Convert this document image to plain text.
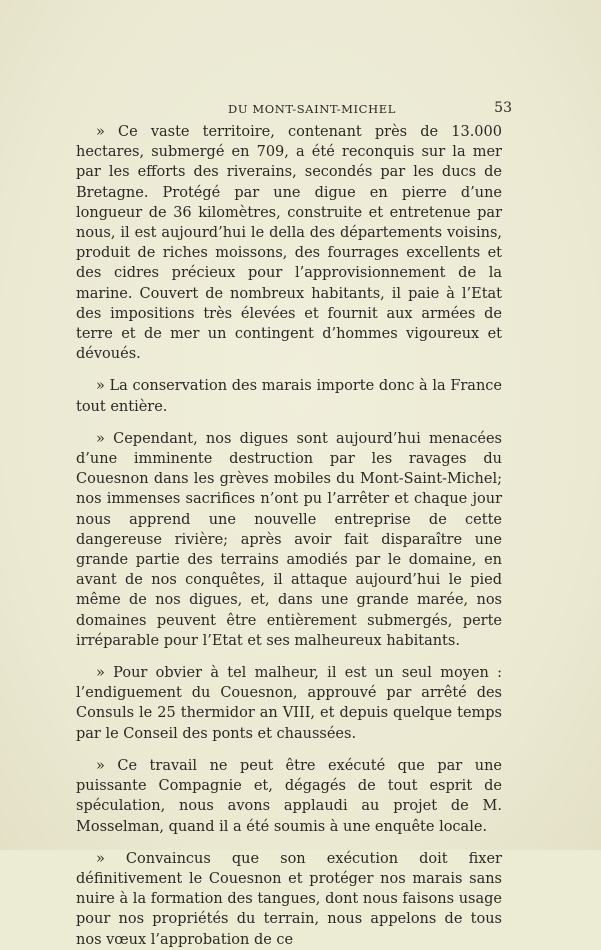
DU MONT-SAINT-MICHEL	53

» Ce vaste territoire, contenant près de 13.000 hectares, submergé en 709, a été reconquis sur la mer par les efforts des riverains, secondés par les ducs de Bretagne. Protégé par une digue en pierre d’une longueur de 36 kilomètres, construite et entretenue par nous, il est aujourd’hui le della des départements voisins, produit de riches moissons, des fourrages excellents et des cidres précieux pour l’approvisionnement de la marine. Couvert de nombreux habitants, il paie à l’Etat des impositions très élevées et fournit aux armées de terre et de mer un contingent d’hommes vigoureux et dévoués.

» La conservation des marais importe donc à la France tout entière.

» Cependant, nos digues sont aujourd’hui menacées d’une imminente destruction par les ravages du Couesnon dans les grèves mobiles du Mont-Saint-Michel; nos immenses sacrifices n’ont pu l’arrêter et chaque jour nous apprend une nouvelle entreprise de cette dangereuse rivière; après avoir fait disparaître une grande partie des terrains amodiés par le domaine, en avant de nos conquêtes, il attaque aujourd’hui le pied même de nos digues, et, dans une grande marée, nos domaines peuvent être entièrement submergés, perte irréparable pour l’Etat et ses malheureux habitants.

» Pour obvier à tel malheur, il est un seul moyen : l’endiguement du Couesnon, approuvé par arrêté des Consuls le 25 thermidor an VIII, et depuis quelque temps par le Conseil des ponts et chaussées.

» Ce travail ne peut être exécuté que par une puissante Compagnie et, dégagés de tout esprit de spéculation, nous avons applaudi au projet de M. Mosselman, quand il a été soumis à une enquête locale.

» Convaincus que son exécution doit fixer définitivement le Couesnon et protéger nos marais sans nuire à la formation des tangues, dont nous faisons usage pour nos propriétés du terrain, nous appelons de tous nos vœux l’approbation de ce
